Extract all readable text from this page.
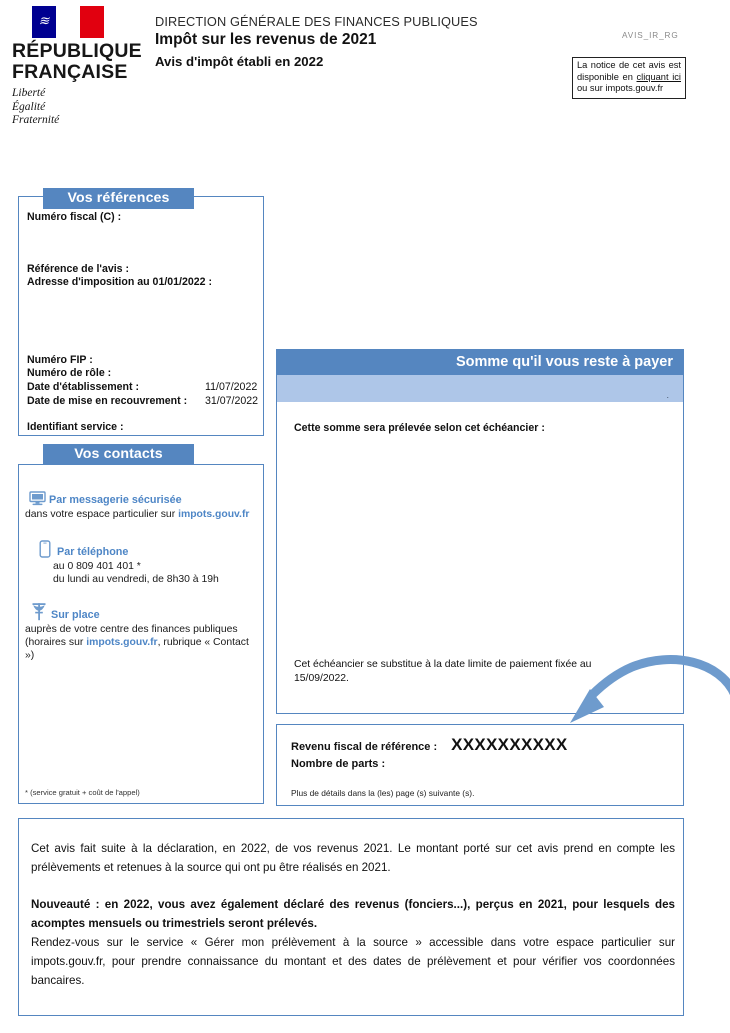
≋
RÉPUBLIQUE
FRANÇAISE
Liberté
Égalité
Fraternité
DIRECTION GÉNÉRALE DES FINANCES PUBLIQUES
Impôt sur les revenus de 2021
Avis d'impôt établi en 2022
AVIS_IR_RG
La notice de cet avis est disponible en cliquant ici ou sur impots.gouv.fr
Numéro fiscal (C) :
Référence de l'avis :
Adresse d'imposition au 01/01/2022 :
Numéro FIP :
Numéro de rôle :
Date d'établissement :	11/07/2022
Date de mise en recouvrement : 31/07/2022
Identifiant service :
Vos références
Par messagerie sécurisée
dans votre espace particulier sur impots.gouv.fr
Par téléphone
au 0 809 401 401 *
du lundi au vendredi, de 8h30 à 19h
Sur place
auprès de votre centre des finances publiques
(horaires sur impots.gouv.fr, rubrique « Contact »)
* (service gratuit + coût de l'appel)
Vos contacts
Somme qu'il vous reste à payer
.
Cette somme sera prélevée selon cet échéancier :
Cet échéancier se substitue à la date limite de paiement fixée au 15/09/2022.
Revenu fiscal de référence : XXXXXXXXXX
Nombre de parts :
Plus de détails dans la (les) page (s) suivante (s).
Cet avis fait suite à la déclaration, en 2022, de vos revenus 2021. Le montant porté sur cet avis prend en compte les prélèvements et retenues à la source qui ont pu être réalisés en 2021.
Nouveauté : en 2022, vous avez également déclaré des revenus (fonciers...), perçus en 2021, pour lesquels des acomptes mensuels ou trimestriels seront prélevés.
Rendez-vous sur le service « Gérer mon prélèvement à la source » accessible dans votre espace particulier sur impots.gouv.fr, pour prendre connaissance du montant et des dates de prélèvement et pour vérifier vos coordonnées bancaires.
